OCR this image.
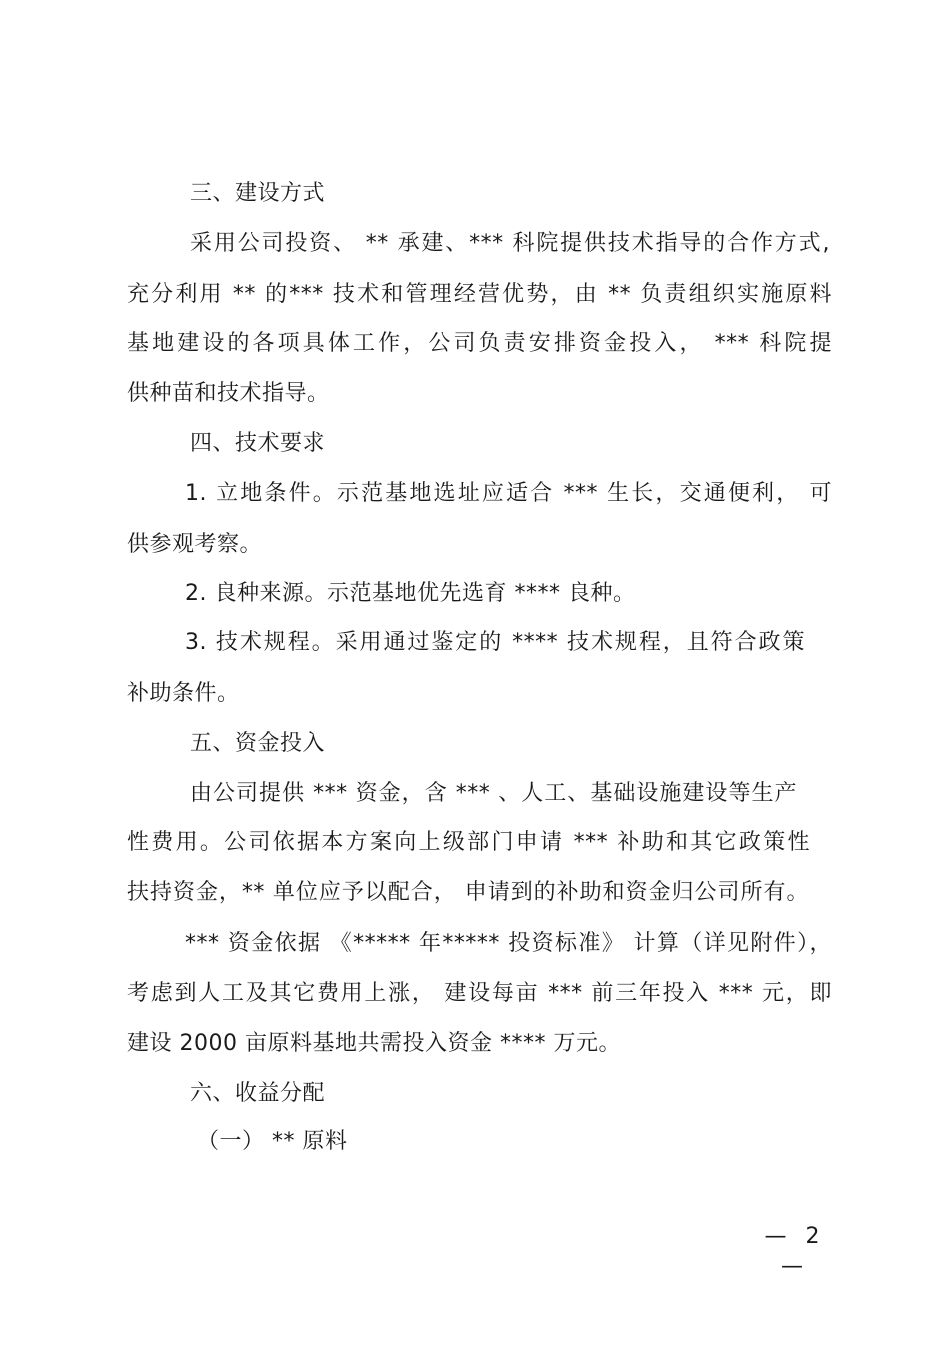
三、建设方式
采用公司投资、 ** 承建、*** 科院提供技术指导的合作方式,
充分利用 ** 的*** 技术和管理经营优势，由 ** 负责组织实施原料
基地建设的各项具体工作，公司负责安排资金投入， *** 科院提
供种苗和技术指导。
四、技术要求
1. 立地条件。示范基地选址应适合 *** 生长，交通便利， 可
供参观考察。
2. 良种来源。示范基地优先选育 **** 良种。
3. 技术规程。采用通过鉴定的 **** 技术规程，且符合政策
补助条件。
五、资金投入
由公司提供 *** 资金，含 *** 、人工、基础设施建设等生产
性费用。公司依据本方案向上级部门申请 *** 补助和其它政策性
扶持资金，** 单位应予以配合， 申请到的补助和资金归公司所有。
*** 资金依据 《***** 年***** 投资标准》 计算（详见附件），
考虑到人工及其它费用上涨， 建设每亩 *** 前三年投入 *** 元，即
建设 2000 亩原料基地共需投入资金 **** 万元。
六、收益分配
（一） ** 原料
— 2 —
